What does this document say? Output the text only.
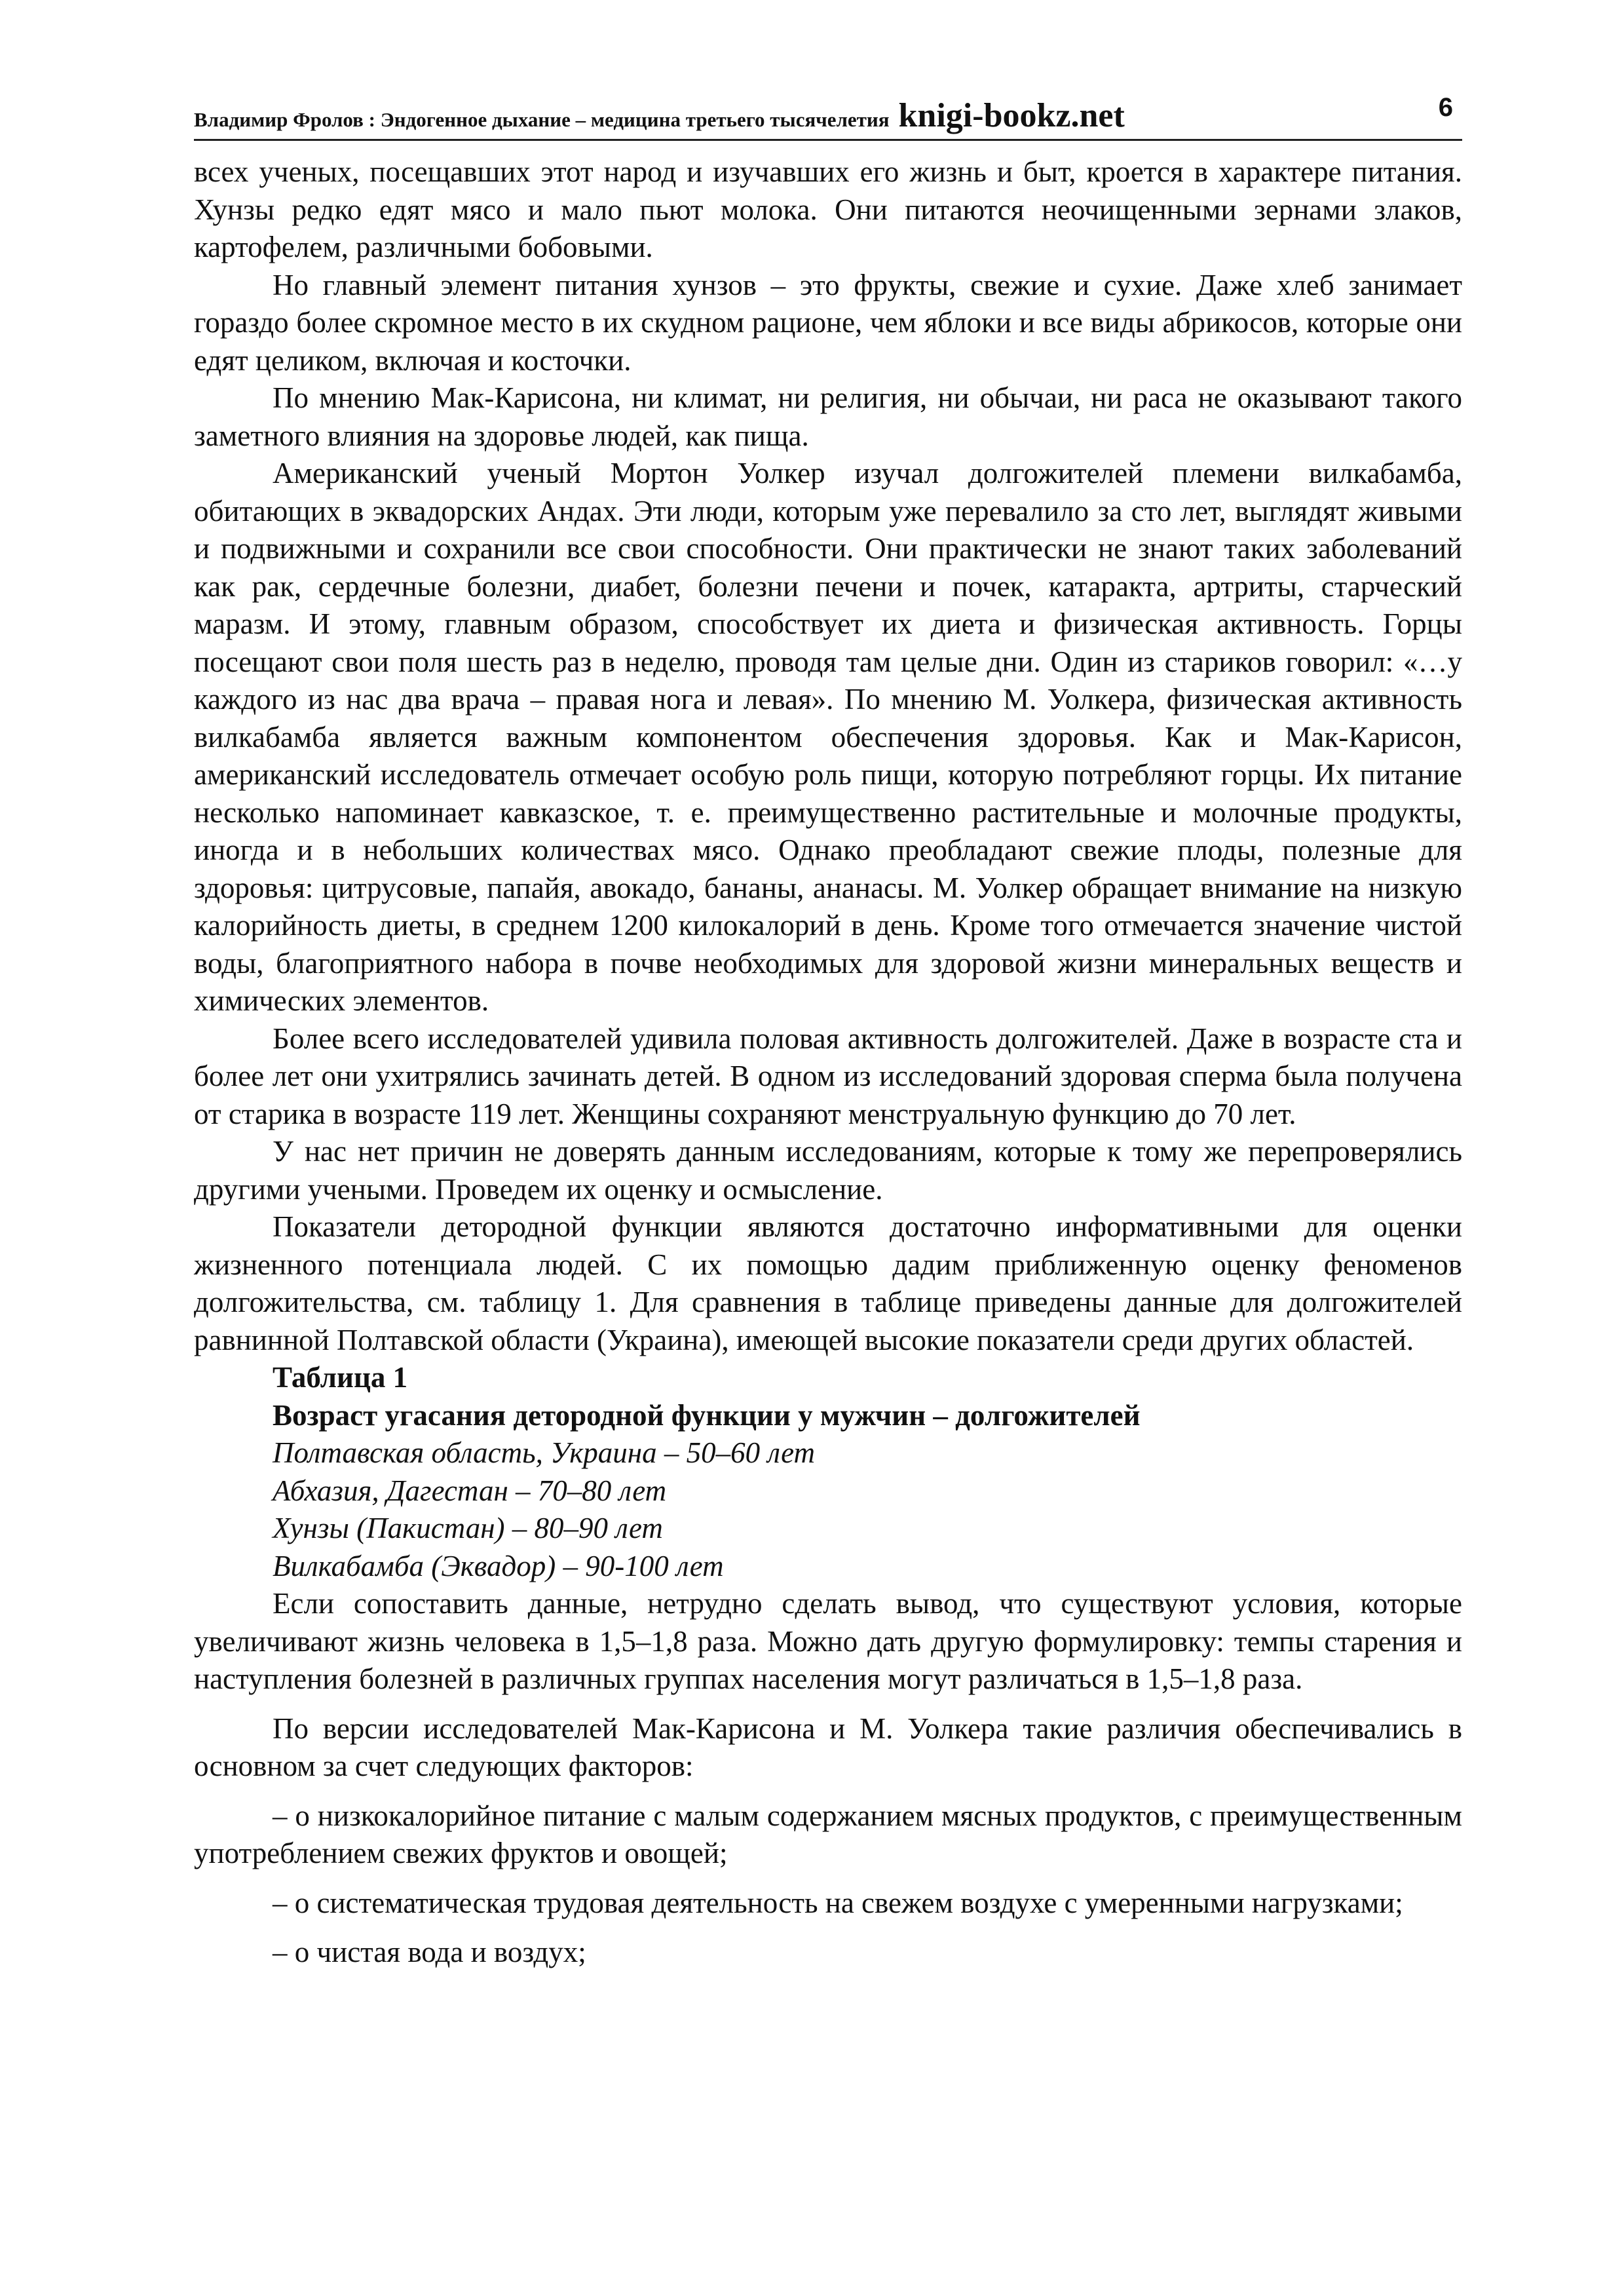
Владимир Фролов : Эндогенное дыхание – медицина третьего тысячелетия knigi-bookz.net	6

всех ученых, посещавших этот народ и изучавших его жизнь и быт, кроется в характере питания. Хунзы редко едят мясо и мало пьют молока. Они питаются неочищенными зернами злаков, картофелем, различными бобовыми.

Но главный элемент питания хунзов – это фрукты, свежие и сухие. Даже хлеб занимает гораздо более скромное место в их скудном рационе, чем яблоки и все виды абрикосов, которые они едят целиком, включая и косточки.

По мнению Мак-Карисона, ни климат, ни религия, ни обычаи, ни раса не оказывают такого заметного влияния на здоровье людей, как пища.

Американский ученый Мортон Уолкер изучал долгожителей племени вилкабамба, обитающих в эквадорских Андах. Эти люди, которым уже перевалило за сто лет, выглядят живыми и подвижными и сохранили все свои способности. Они практически не знают таких заболеваний как рак, сердечные болезни, диабет, болезни печени и почек, катаракта, артриты, старческий маразм. И этому, главным образом, способствует их диета и физическая активность. Горцы посещают свои поля шесть раз в неделю, проводя там целые дни. Один из стариков говорил: «…у каждого из нас два врача – правая нога и левая». По мнению М. Уолкера, физическая активность вилкабамба является важным компонентом обеспечения здоровья. Как и Мак-Карисон, американский исследователь отмечает особую роль пищи, которую потребляют горцы. Их питание несколько напоминает кавказское, т. е. преимущественно растительные и молочные продукты, иногда и в небольших количествах мясо. Однако преобладают свежие плоды, полезные для здоровья: цитрусовые, папайя, авокадо, бананы, ананасы. М. Уолкер обращает внимание на низкую калорийность диеты, в среднем 1200 килокалорий в день. Кроме того отмечается значение чистой воды, благоприятного набора в почве необходимых для здоровой жизни минеральных веществ и химических элементов.

Более всего исследователей удивила половая активность долгожителей. Даже в возрасте ста и более лет они ухитрялись зачинать детей. В одном из исследований здоровая сперма была получена от старика в возрасте 119 лет. Женщины сохраняют менструальную функцию до 70 лет.

У нас нет причин не доверять данным исследованиям, которые к тому же перепроверялись другими учеными. Проведем их оценку и осмысление.

Показатели детородной функции являются достаточно информативными для оценки жизненного потенциала людей. С их помощью дадим приближенную оценку феноменов долгожительства, см. таблицу 1. Для сравнения в таблице приведены данные для долгожителей равнинной Полтавской области (Украина), имеющей высокие показатели среди других областей.

Таблица 1
Возраст угасания детородной функции у мужчин – долгожителей
Полтавская область, Украина – 50–60 лет
Абхазия, Дагестан – 70–80 лет
Хунзы (Пакистан) – 80–90 лет
Вилкабамба (Эквадор) – 90-100 лет

Если сопоставить данные, нетрудно сделать вывод, что существуют условия, которые увеличивают жизнь человека в 1,5–1,8 раза. Можно дать другую формулировку: темпы старения и наступления болезней в различных группах населения могут различаться в 1,5–1,8 раза.

По версии исследователей Мак-Карисона и М. Уолкера такие различия обеспечивались в основном за счет следующих факторов:

– о низкокалорийное питание с малым содержанием мясных продуктов, с преимущественным употреблением свежих фруктов и овощей;

– о систематическая трудовая деятельность на свежем воздухе с умеренными нагрузками;

– о чистая вода и воздух;
